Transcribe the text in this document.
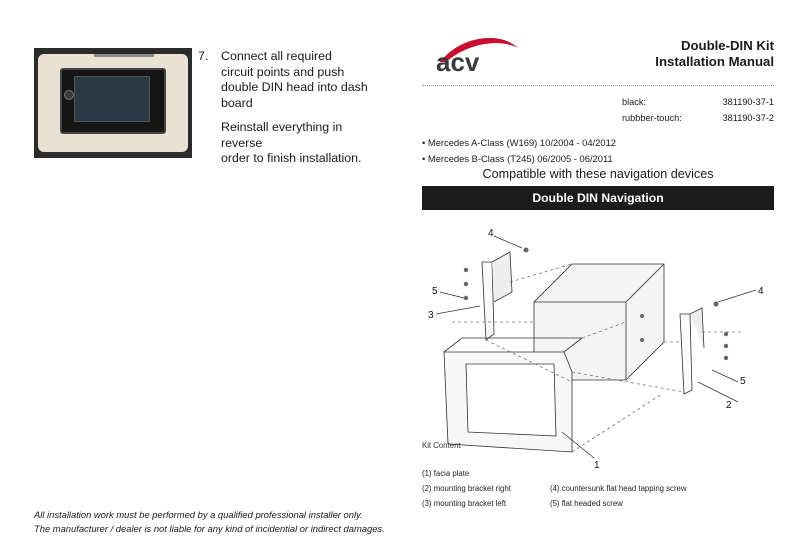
7. Connect all required
circuit points and push
double DIN head into dash
board
Reinstall everything in reverse
order to finish installation.
All installation work must be performed by a qualified professional installer only.
The manufacturer / dealer is not liable for any kind of incidential or indirect damages.
acv
Double-DIN Kit
Installation Manual
black:	381190-37-1
rubbber-touch:	381190-37-2
• Mercedes A-Class (W169) 10/2004 - 04/2012
• Mercedes B-Class (T245) 06/2005 - 06/2011
Compatible with these navigation devices
Double DIN Navigation
4
5
3
4
5
2
1
Kit Content
(1) facia plate
(2) mounting bracket right
(3) mounting bracket left
(4) countersunk flat head tapping screw
(5) flat headed screw
